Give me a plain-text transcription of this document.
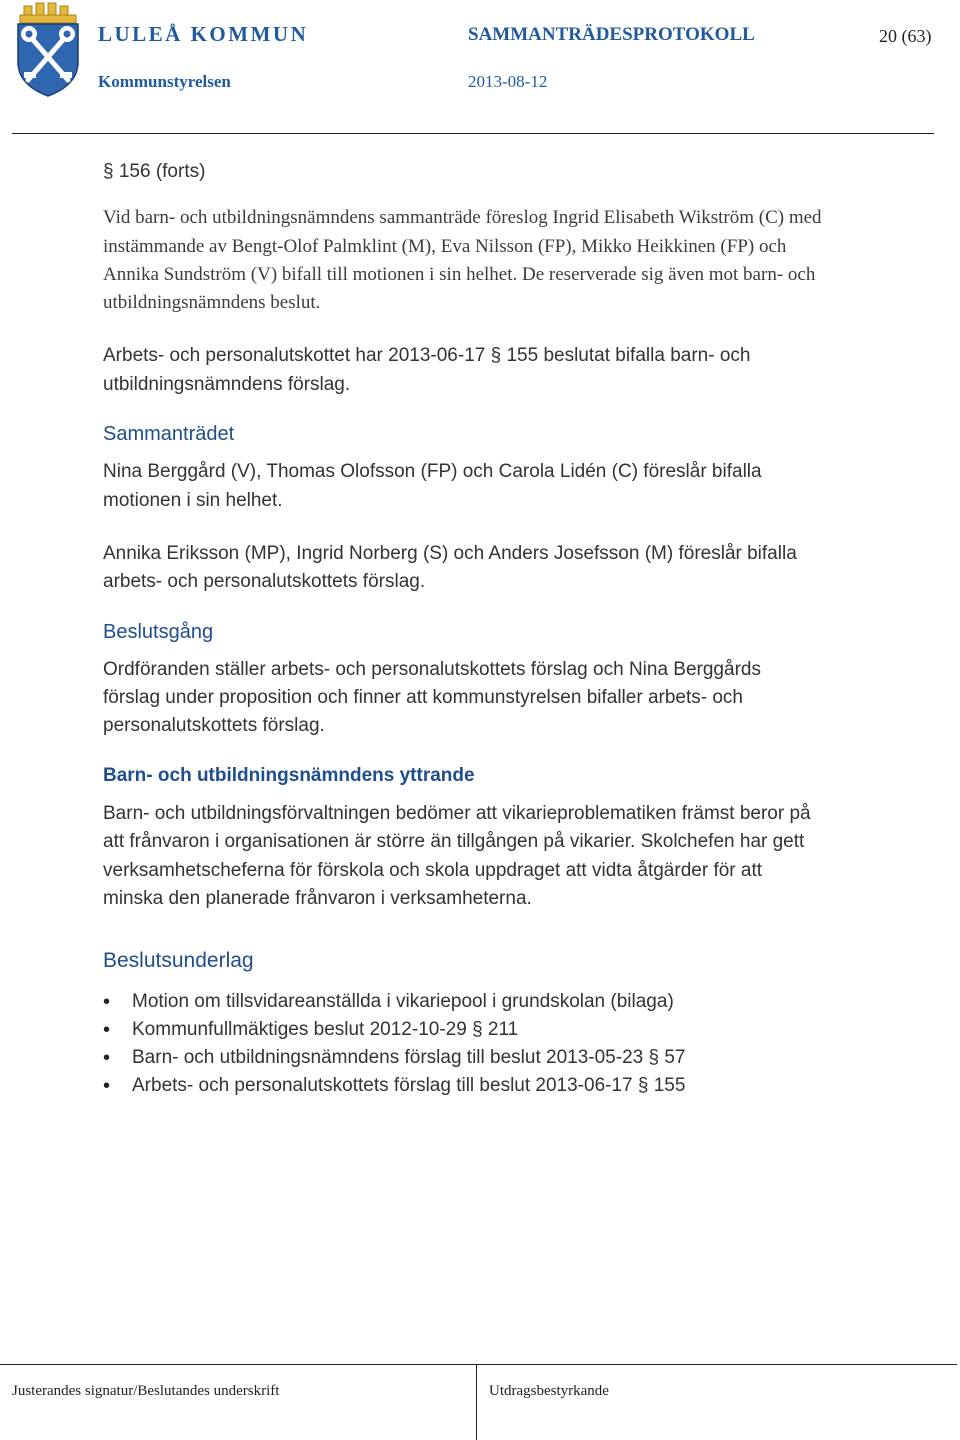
LULEÅ KOMMUN
Kommunstyrelsen
SAMMANTRÄDESPROTOKOLL
2013-08-12
20 (63)

§ 156 (forts)

Vid barn- och utbildningsnämndens sammanträde föreslog Ingrid Elisabeth Wikström (C) med instämmande av Bengt-Olof Palmklint (M), Eva Nilsson (FP), Mikko Heikkinen (FP) och Annika Sundström (V) bifall till motionen i sin helhet. De reserverade sig även mot barn- och utbildningsnämndens beslut.

Arbets- och personalutskottet har 2013-06-17 § 155 beslutat bifalla barn- och utbildningsnämndens förslag.

Sammanträdet

Nina Berggård (V), Thomas Olofsson (FP) och Carola Lidén (C) föreslår bifalla motionen i sin helhet.

Annika Eriksson (MP), Ingrid Norberg (S) och Anders Josefsson (M) föreslår bifalla arbets- och personalutskottets förslag.

Beslutsgång

Ordföranden ställer arbets- och personalutskottets förslag och Nina Berggårds förslag under proposition och finner att kommunstyrelsen bifaller arbets- och personalutskottets förslag.

Barn- och utbildningsnämndens yttrande

Barn- och utbildningsförvaltningen bedömer att vikarieproblematiken främst beror på att frånvaron i organisationen är större än tillgången på vikarier. Skolchefen har gett verksamhetscheferna för förskola och skola uppdraget att vidta åtgärder för att minska den planerade frånvaron i verksamheterna.

Beslutsunderlag

• Motion om tillsvidareanställda i vikariepool i grundskolan (bilaga)
• Kommunfullmäktiges beslut 2012-10-29 § 211
• Barn- och utbildningsnämndens förslag till beslut 2013-05-23 § 57
• Arbets- och personalutskottets förslag till beslut 2013-06-17 § 155
Justerandes signatur/Beslutandes underskrift	Utdragsbestyrkande
